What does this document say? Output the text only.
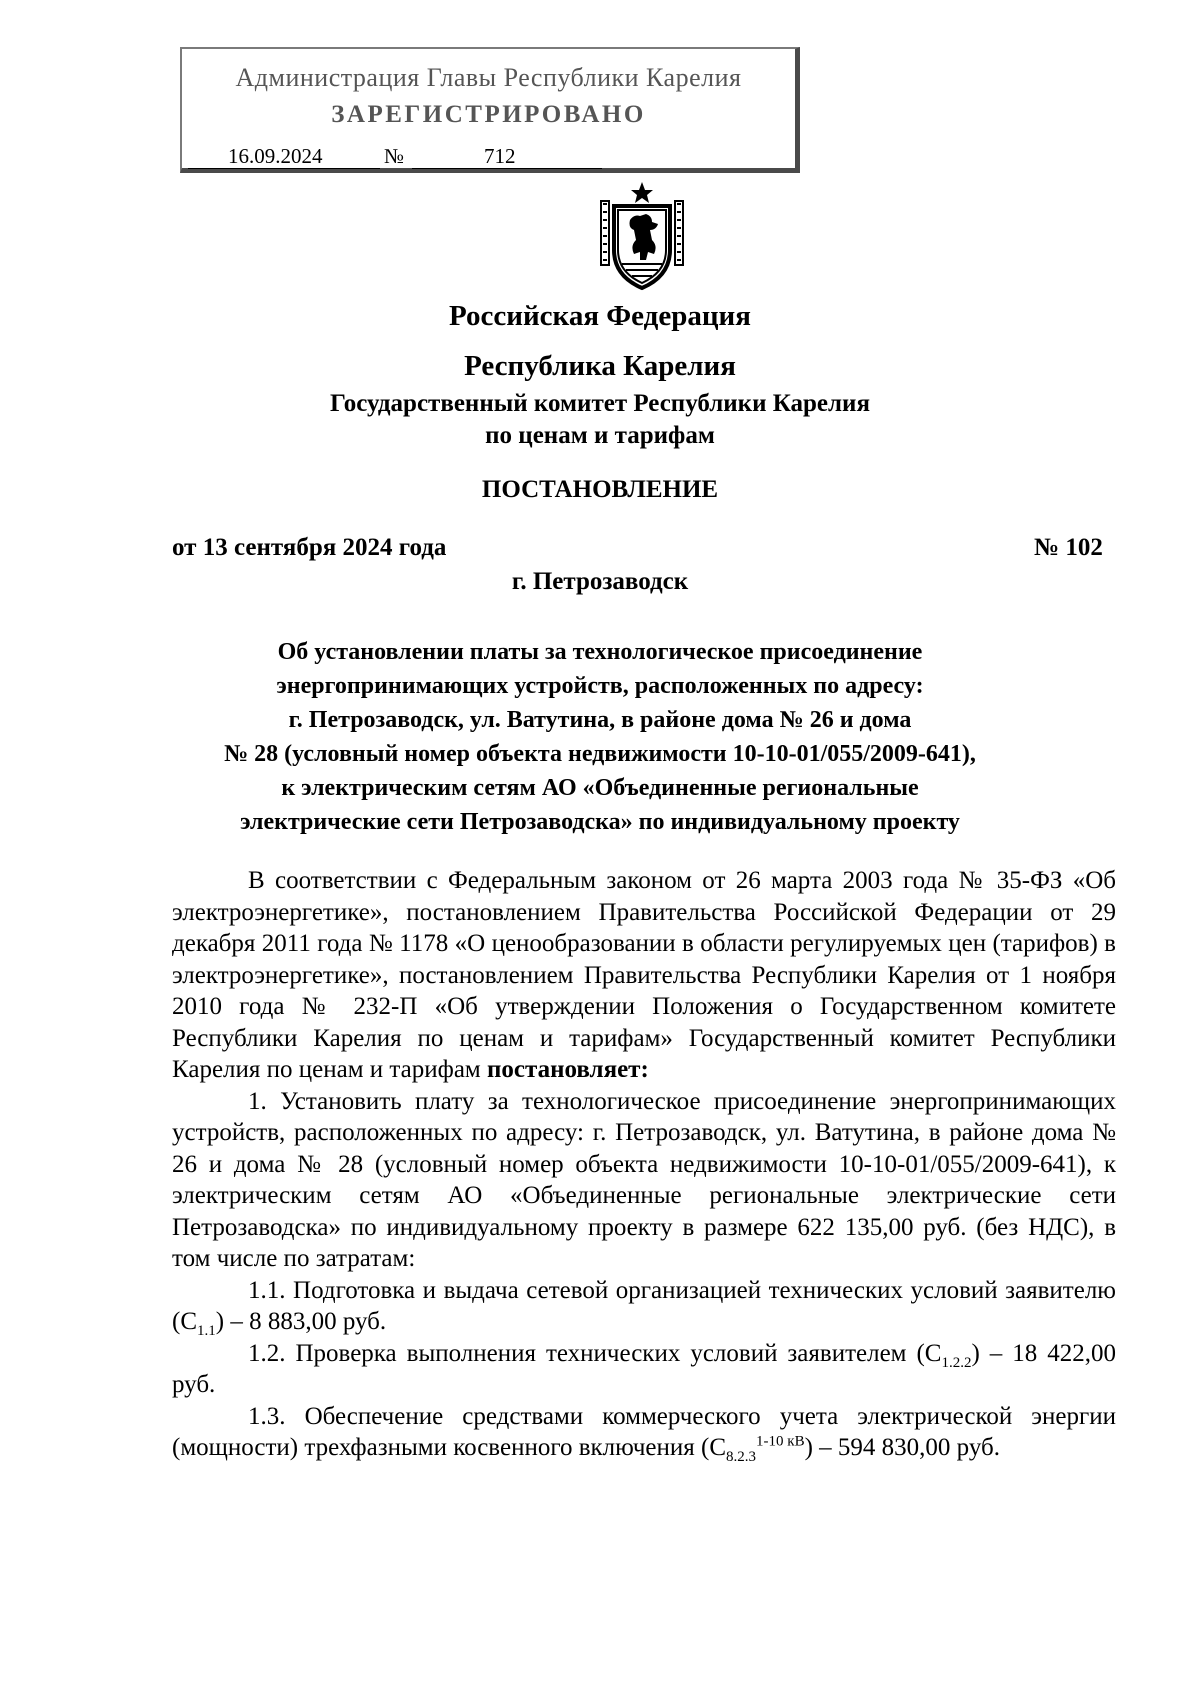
Администрация Главы Республики Карелия
ЗАРЕГИСТРИРОВАНО
16.09.2024	№	712
Российская Федерация
Республика Карелия
Государственный комитет Республики Карелия
по ценам и тарифам
ПОСТАНОВЛЕНИЕ
от 13 сентября 2024 года	№ 102
г. Петрозаводск
Об установлении платы за технологическое присоединение
энергопринимающих устройств, расположенных по адресу:
г. Петрозаводск, ул. Ватутина, в районе дома № 26 и дома
№ 28 (условный номер объекта недвижимости 10-10-01/055/2009-641),
к электрическим сетям АО «Объединенные региональные
электрические сети Петрозаводска» по индивидуальному проекту

В соответствии с Федеральным законом от 26 марта 2003 года № 35-ФЗ «Об электроэнергетике», постановлением Правительства Российской Федерации от 29 декабря 2011 года № 1178 «О ценообразовании в области регулируемых цен (тарифов) в электроэнергетике», постановлением Правительства Республики Карелия от 1 ноября 2010 года № 232-П «Об утверждении Положения о Государственном комитете Республики Карелия по ценам и тарифам» Государственный комитет Республики Карелия по ценам и тарифам постановляет:

1. Установить плату за технологическое присоединение энергопринимающих устройств, расположенных по адресу: г. Петрозаводск, ул. Ватутина, в районе дома № 26 и дома № 28 (условный номер объекта недвижимости 10-10-01/055/2009-641), к электрическим сетям АО «Объединенные региональные электрические сети Петрозаводска» по индивидуальному проекту в размере 622 135,00 руб. (без НДС), в том числе по затратам:

1.1. Подготовка и выдача сетевой организацией технических условий заявителю $(С_{1.1}) - 8$ 883,00 руб.

1.2. Проверка выполнения технических условий заявителем $(С_{1.2.2}) - 18$ 422,00 руб.

1.3. Обеспечение средствами коммерческого учета электрической энергии (мощности) трехфазными косвенного включения $(С_{8.2.3}^{1-10 кВ}) - 594$ 830,00 руб.
